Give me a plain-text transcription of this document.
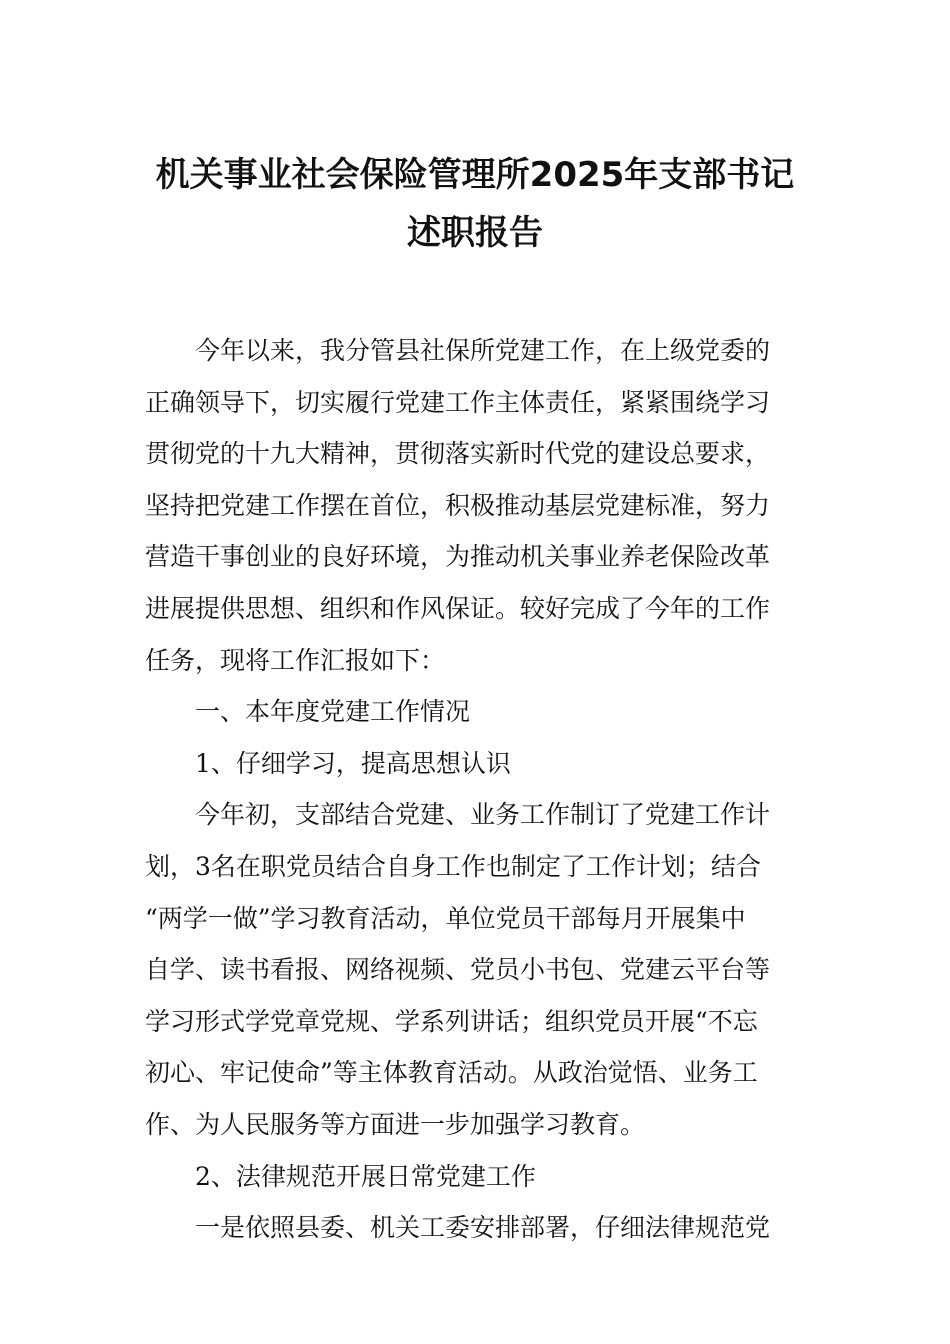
机关事业社会保险管理所2025年支部书记
述职报告
今年以来，我分管县社保所党建工作，在上级党委的
正确领导下，切实履行党建工作主体责任，紧紧围绕学习
贯彻党的十九大精神，贯彻落实新时代党的建设总要求，
坚持把党建工作摆在首位，积极推动基层党建标准，努力
营造干事创业的良好环境，为推动机关事业养老保险改革
进展提供思想、组织和作风保证。较好完成了今年的工作
任务，现将工作汇报如下：
一、本年度党建工作情况
1、仔细学习，提高思想认识
今年初，支部结合党建、业务工作制订了党建工作计
划，3名在职党员结合自身工作也制定了工作计划；结合
“两学一做”学习教育活动，单位党员干部每月开展集中
自学、读书看报、网络视频、党员小书包、党建云平台等
学习形式学党章党规、学系列讲话；组织党员开展“不忘
初心、牢记使命”等主体教育活动。从政治觉悟、业务工
作、为人民服务等方面进一步加强学习教育。
2、法律规范开展日常党建工作
一是依照县委、机关工委安排部署，仔细法律规范党
